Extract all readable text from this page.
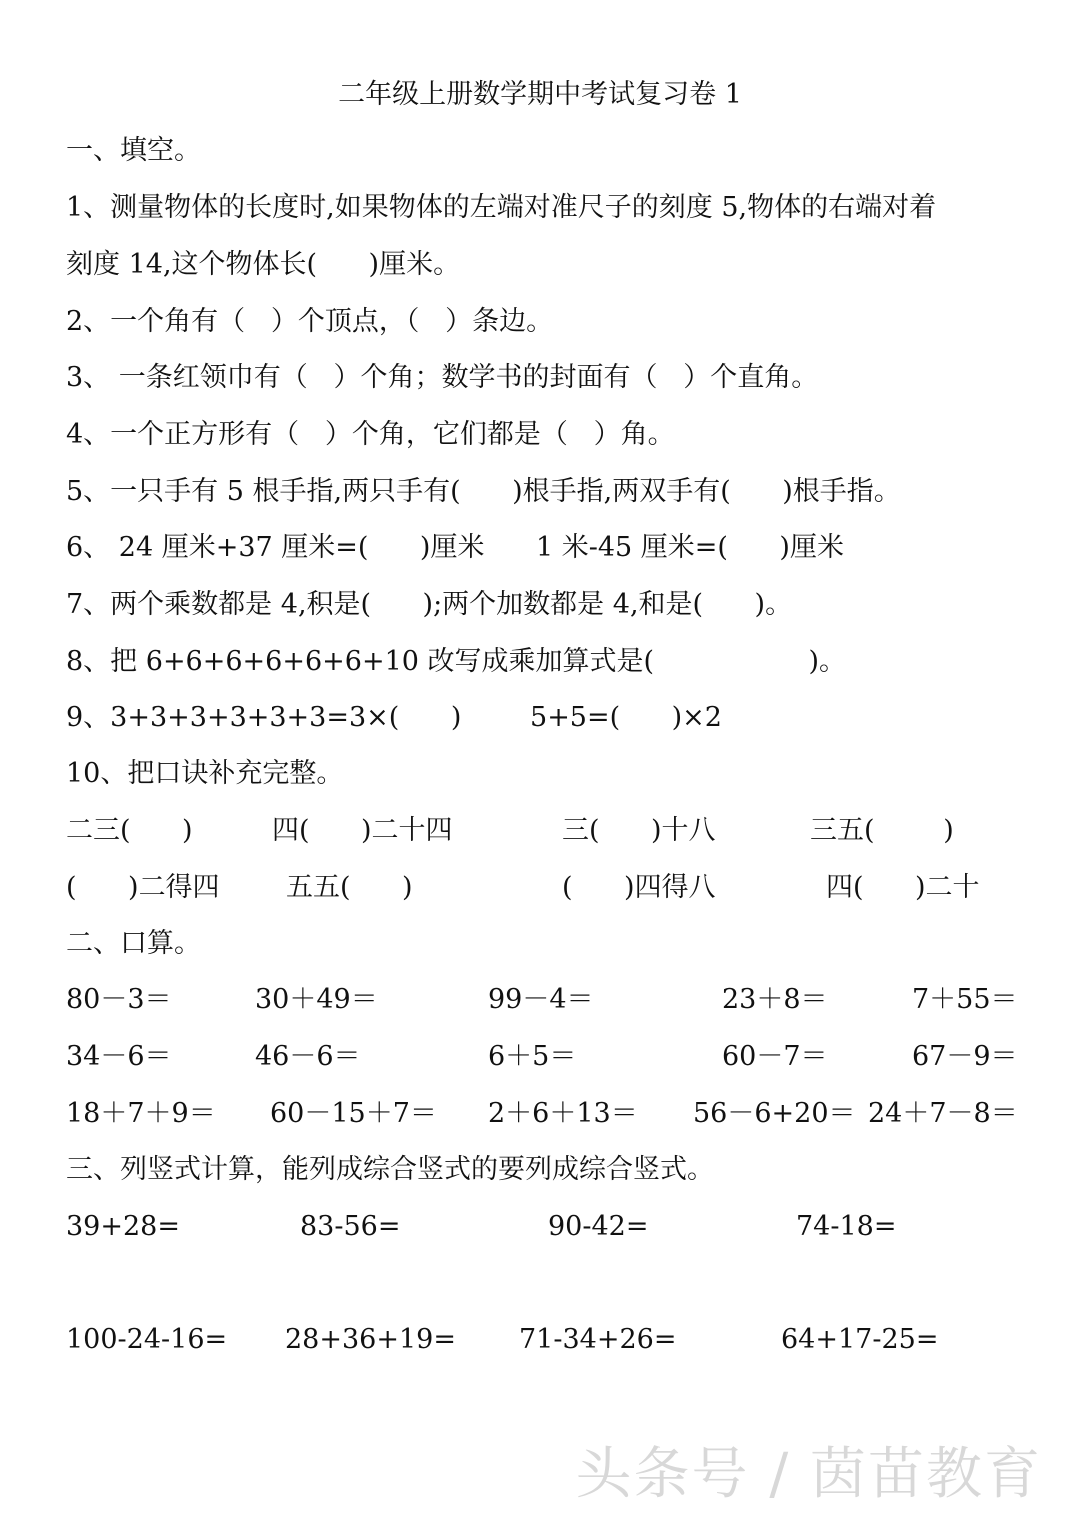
二年级上册数学期中考试复习卷 1
一、填空。
1、测量物体的长度时,如果物体的左端对准尺子的刻度 5,物体的右端对着
刻度 14,这个物体长(      )厘米。
2、一个角有（   ）个顶点，（   ）条边。
3、 一条红领巾有（   ）个角；数学书的封面有（   ）个直角。
4、一个正方形有（   ）个角，它们都是（   ）角。
5、一只手有 5 根手指,两只手有(      )根手指,两双手有(      )根手指。
6、 24 厘米+37 厘米=(      )厘米      1 米-45 厘米=(      )厘米
7、两个乘数都是 4,积是(      );两个加数都是 4,和是(      )。
8、把 6+6+6+6+6+6+10 改写成乘加算式是(                  )。
9、3+3+3+3+3+3=3×(      )        5+5=(      )×2
10、把口诀补充完整。
二三(      )	四(      )二十四	三(      )十八	三五(        )
(      )二得四 五五(      )	(      )四得八	四(      )二十
二、口算。
80－3＝	30＋49＝	99－4＝	23＋8＝	7＋55＝
34－6＝	46－6＝	6＋5＝	60－7＝	67－9＝
18＋7＋9＝ 60－15＋7＝ 2＋6＋13＝ 56－6+20＝ 24＋7－8＝
三、列竖式计算，能列成综合竖式的要列成综合竖式。
39+28=	83-56=	90-42=	74-18=
100-24-16= 28+36+19= 71-34+26=	64+17-25=
头条号 / 茵苗教育
